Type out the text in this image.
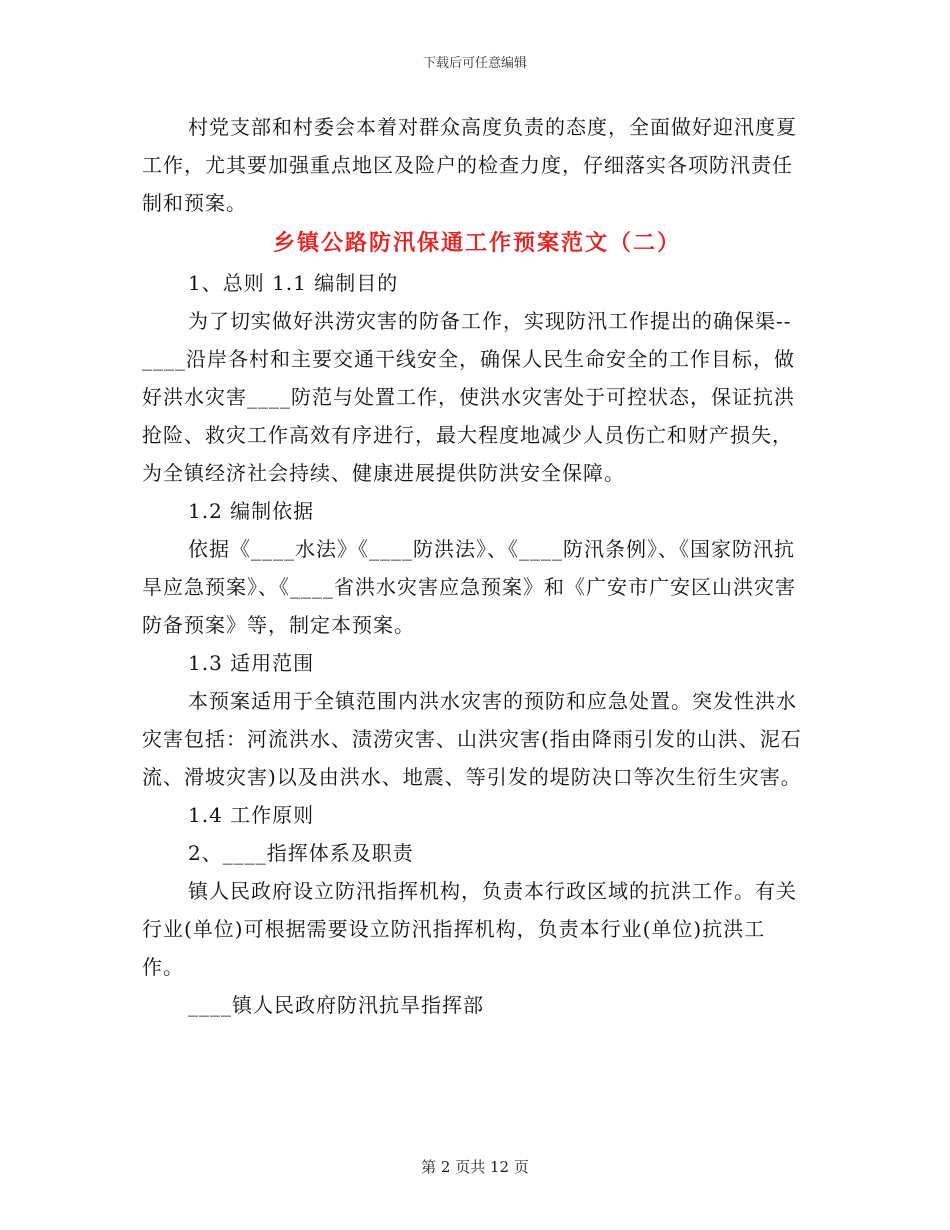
下载后可任意编辑

村党支部和村委会本着对群众高度负责的态度，全面做好迎汛度夏工作，尤其要加强重点地区及险户的检查力度，仔细落实各项防汛责任制和预案。

乡镇公路防汛保通工作预案范文（二）

1、总则 1.1 编制目的

为了切实做好洪涝灾害的防备工作，实现防汛工作提出的确保渠--____沿岸各村和主要交通干线安全，确保人民生命安全的工作目标，做好洪水灾害____防范与处置工作，使洪水灾害处于可控状态，保证抗洪抢险、救灾工作高效有序进行，最大程度地减少人员伤亡和财产损失，为全镇经济社会持续、健康进展提供防洪安全保障。

1.2 编制依据

依据《____水法》《____防洪法》、《____防汛条例》、《国家防汛抗旱应急预案》、《____省洪水灾害应急预案》和《广安市广安区山洪灾害防备预案》等，制定本预案。

1.3 适用范围

本预案适用于全镇范围内洪水灾害的预防和应急处置。突发性洪水灾害包括：河流洪水、渍涝灾害、山洪灾害(指由降雨引发的山洪、泥石流、滑坡灾害)以及由洪水、地震、等引发的堤防决口等次生衍生灾害。

1.4 工作原则

2、____指挥体系及职责

镇人民政府设立防汛指挥机构，负责本行政区域的抗洪工作。有关行业(单位)可根据需要设立防汛指挥机构，负责本行业(单位)抗洪工作。

____镇人民政府防汛抗旱指挥部

第 2 页共 12 页
